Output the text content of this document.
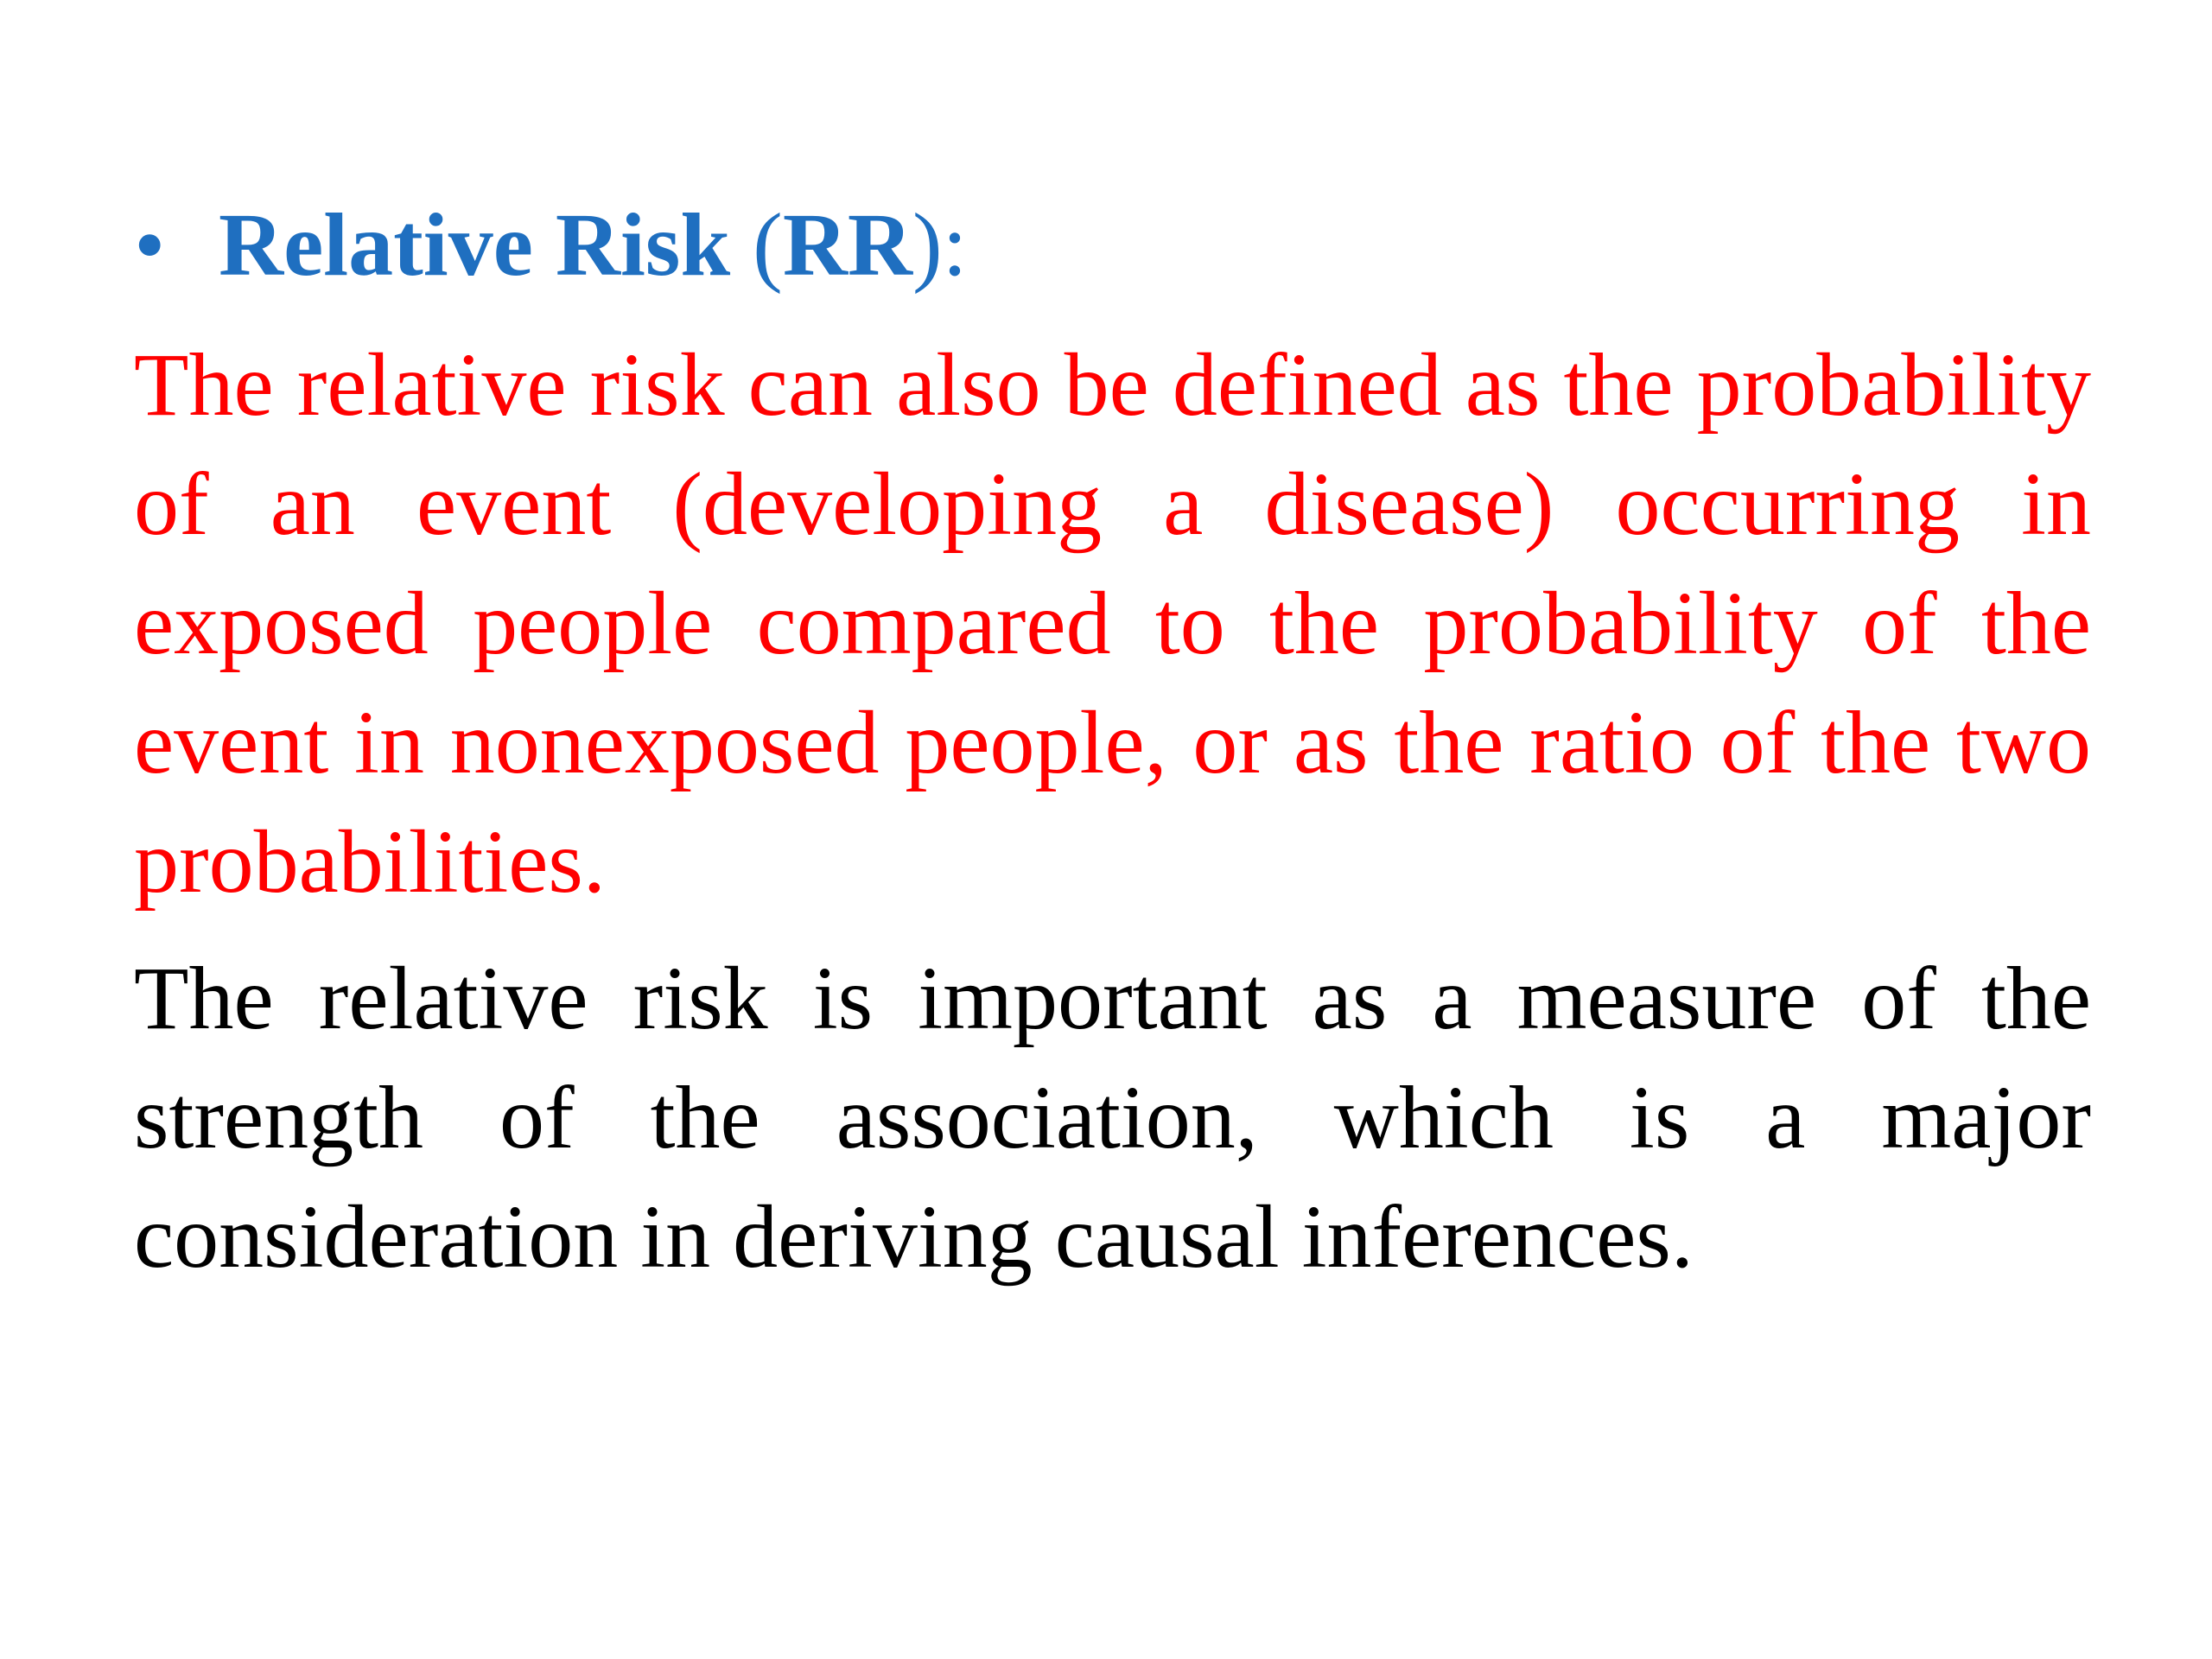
• Relative Risk
( RR ) :

The relative risk can also be defined as the probability of an event (developing a disease) occurring in exposed people compared to the probability of the event in nonexposed people, or as the ratio of the two probabilities.

The relative risk is important as a measure of the strength of the association, which is a major consideration in deriving causal inferences.
